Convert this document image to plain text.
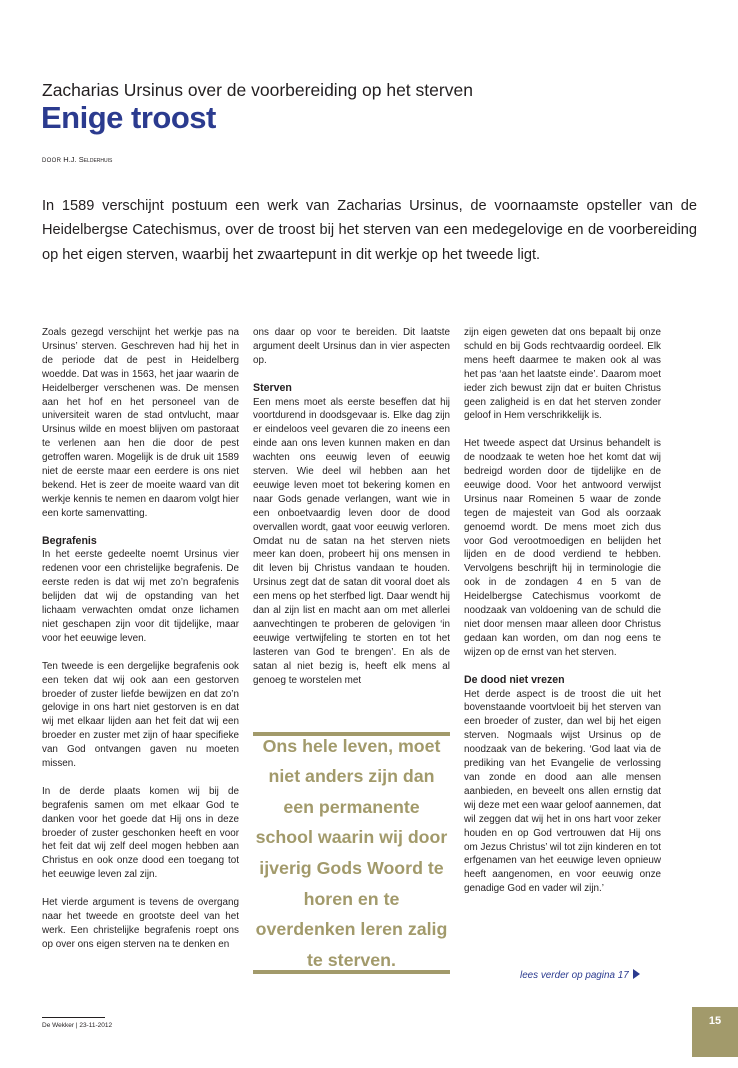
Zacharias Ursinus over de voorbereiding op het sterven
Enige troost
DOOR H.J. Selderhuis
In 1589 verschijnt postuum een werk van Zacharias Ursinus, de voornaamste opsteller van de Heidelbergse Catechismus, over de troost bij het sterven van een medegelovige en de voorbereiding op het eigen sterven, waarbij het zwaartepunt in dit werkje op het tweede ligt.

Zoals gezegd verschijnt het werkje pas na Ursinus’ sterven. Geschreven had hij het in de periode dat de pest in Heidelberg woedde. Dat was in 1563, het jaar waarin de Heidelberger verschenen was. De mensen aan het hof en het personeel van de universiteit waren de stad ontvlucht, maar Ursinus wilde en moest blijven om pastoraat te verlenen aan hen die door de pest getroffen waren. Mogelijk is de druk uit 1589 niet de eerste maar een eerdere is ons niet bekend. Het is zeer de moeite waard van dit werkje kennis te nemen en daarom volgt hier een korte samenvatting.

Begrafenis

In het eerste gedeelte noemt Ursinus vier redenen voor een christelijke begrafenis. De eerste reden is dat wij met zo’n begrafenis belijden dat wij de opstanding van het lichaam verwachten omdat onze lichamen niet geschapen zijn voor dit tijdelijke, maar voor het eeuwige leven.

Ten tweede is een dergelijke begrafenis ook een teken dat wij ook aan een gestorven broeder of zuster liefde bewijzen en dat zo’n gelovige in ons hart niet gestorven is en dat wij met elkaar lijden aan het feit dat wij een broeder en zuster met zijn of haar specifieke van God ontvangen gaven nu moeten missen.

In de derde plaats komen wij bij de begrafenis samen om met elkaar God te danken voor het goede dat Hij ons in deze broeder of zuster geschonken heeft en voor het feit dat wij zelf deel mogen hebben aan Christus en ook onze dood een toegang tot het eeuwige leven zal zijn.

Het vierde argument is tevens de overgang naar het tweede en grootste deel van het werk. Een christelijke begrafenis roept ons op over ons eigen sterven na te denken en

ons daar op voor te bereiden. Dit laatste argument deelt Ursinus dan in vier aspecten op.

Sterven

Een mens moet als eerste beseffen dat hij voortdurend in doodsgevaar is. Elke dag zijn er eindeloos veel gevaren die zo ineens een einde aan ons leven kunnen maken en dan wachten ons eeuwig leven of eeuwig sterven. Wie deel wil hebben aan het eeuwige leven moet tot bekering komen en naar Gods genade verlangen, want wie in een onboetvaardig leven door de dood overvallen wordt, gaat voor eeuwig verloren. Omdat nu de satan na het sterven niets meer kan doen, probeert hij ons mensen in dit leven bij Christus vandaan te houden. Ursinus zegt dat de satan dit vooral doet als een mens op het sterfbed ligt. Daar wendt hij dan al zijn list en macht aan om met allerlei aanvechtingen te proberen de gelovigen ‘in eeuwige vertwijfeling te storten en tot het lasteren van God te brengen’. En als de satan al niet bezig is, heeft elk mens al genoeg te worstelen met

Ons hele leven, moet niet anders zijn dan een permanente school waarin wij door ijverig Gods Woord te horen en te overdenken leren zalig te sterven.

zijn eigen geweten dat ons bepaalt bij onze schuld en bij Gods rechtvaardig oordeel. Elk mens heeft daarmee te maken ook al was het pas ‘aan het laatste einde’. Daarom moet ieder zich bewust zijn dat er buiten Christus geen zaligheid is en dat het sterven zonder geloof in Hem verschrikkelijk is.

Het tweede aspect dat Ursinus behandelt is de noodzaak te weten hoe het komt dat wij bedreigd worden door de tijdelijke en de eeuwige dood. Voor het antwoord verwijst Ursinus naar Romeinen 5 waar de zonde tegen de majesteit van God als oorzaak genoemd wordt. De mens moet zich dus voor God verootmoedigen en belijden het lijden en de dood verdiend te hebben. Vervolgens beschrijft hij in terminologie die ook in de zondagen 4 en 5 van de Heidelbergse Catechismus voorkomt de noodzaak van voldoening van de schuld die niet door mensen maar alleen door Christus gedaan kan worden, om dan nog eens te wijzen op de ernst van het sterven.

De dood niet vrezen

Het derde aspect is de troost die uit het bovenstaande voortvloeit bij het sterven van een broeder of zuster, dan wel bij het eigen sterven. Nogmaals wijst Ursinus op de noodzaak van de bekering. ‘God laat via de prediking van het Evangelie de verlossing van zonde en dood aan alle mensen aanbieden, en beveelt ons allen ernstig dat wij deze met een waar geloof aannemen, dat wil zeggen dat wij het in ons hart voor zeker houden en op God vertrouwen dat Hij ons om Jezus Christus’ wil tot zijn kinderen en tot erfgenamen van het eeuwige leven opnieuw heeft aangenomen, en voor eeuwig onze genadige God en vader wil zijn.’

lees verder op pagina 17
De Wekker | 23-11-2012	15
